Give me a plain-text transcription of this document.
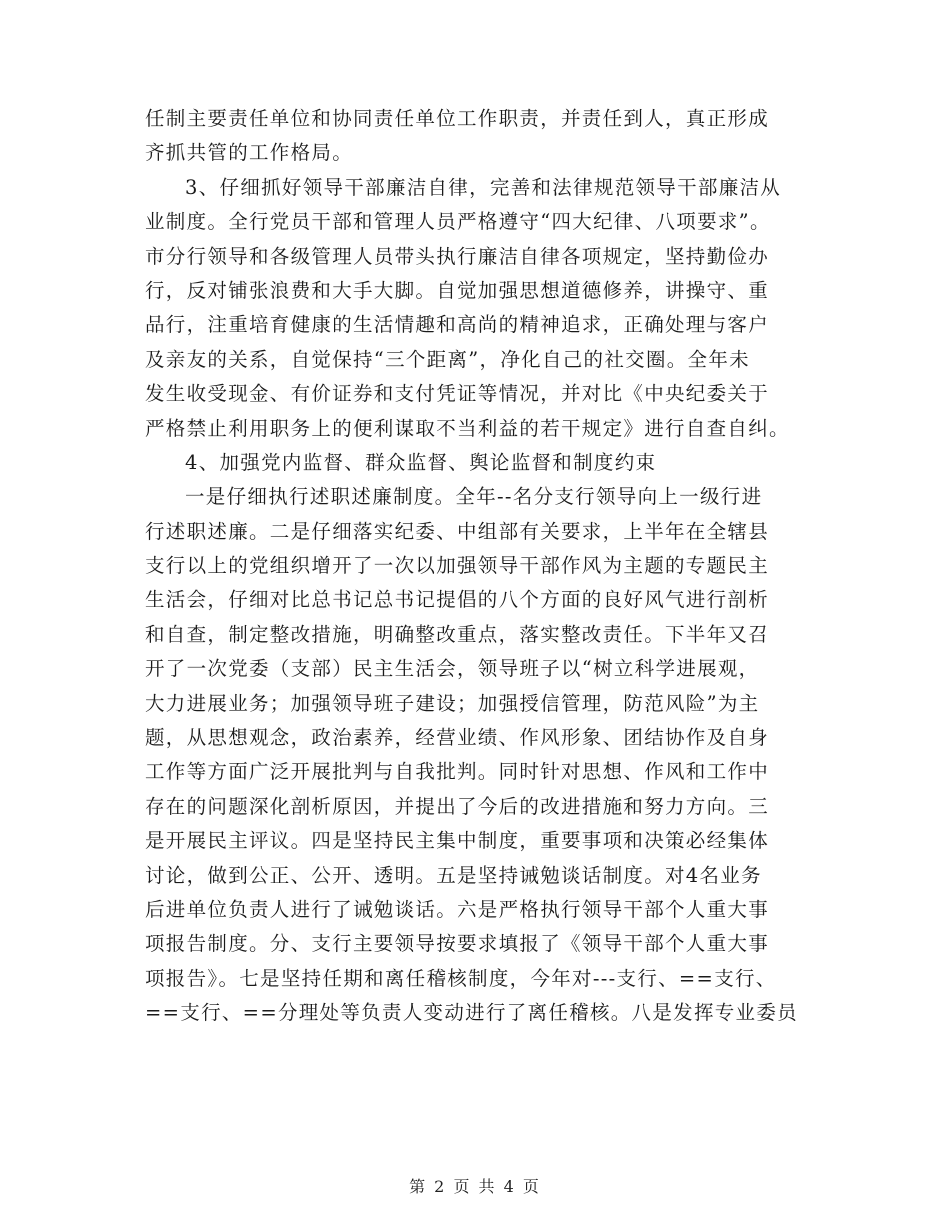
任制主要责任单位和协同责任单位工作职责，并责任到人，真正形成
齐抓共管的工作格局。
3、仔细抓好领导干部廉洁自律，完善和法律规范领导干部廉洁从
业制度。全行党员干部和管理人员严格遵守“四大纪律、八项要求”。
市分行领导和各级管理人员带头执行廉洁自律各项规定，坚持勤俭办
行，反对铺张浪费和大手大脚。自觉加强思想道德修养，讲操守、重
品行，注重培育健康的生活情趣和高尚的精神追求，正确处理与客户
及亲友的关系，自觉保持“三个距离”，净化自己的社交圈。全年未
发生收受现金、有价证券和支付凭证等情况，并对比《中央纪委关于
严格禁止利用职务上的便利谋取不当利益的若干规定》进行自查自纠。
4、加强党内监督、群众监督、舆论监督和制度约束
一是仔细执行述职述廉制度。全年--名分支行领导向上一级行进
行述职述廉。二是仔细落实纪委、中组部有关要求，上半年在全辖县
支行以上的党组织增开了一次以加强领导干部作风为主题的专题民主
生活会，仔细对比总书记总书记提倡的八个方面的良好风气进行剖析
和自查，制定整改措施，明确整改重点，落实整改责任。下半年又召
开了一次党委（支部）民主生活会，领导班子以“树立科学进展观，
大力进展业务；加强领导班子建设；加强授信管理，防范风险”为主
题，从思想观念，政治素养，经营业绩、作风形象、团结协作及自身
工作等方面广泛开展批判与自我批判。同时针对思想、作风和工作中
存在的问题深化剖析原因，并提出了今后的改进措施和努力方向。三
是开展民主评议。四是坚持民主集中制度，重要事项和决策必经集体
讨论，做到公正、公开、透明。五是坚持诫勉谈话制度。对4名业务
后进单位负责人进行了诫勉谈话。六是严格执行领导干部个人重大事
项报告制度。分、支行主要领导按要求填报了《领导干部个人重大事
项报告》。七是坚持任期和离任稽核制度，今年对---支行、==支行、
==支行、==分理处等负责人变动进行了离任稽核。八是发挥专业委员
第 2 页 共 4 页
